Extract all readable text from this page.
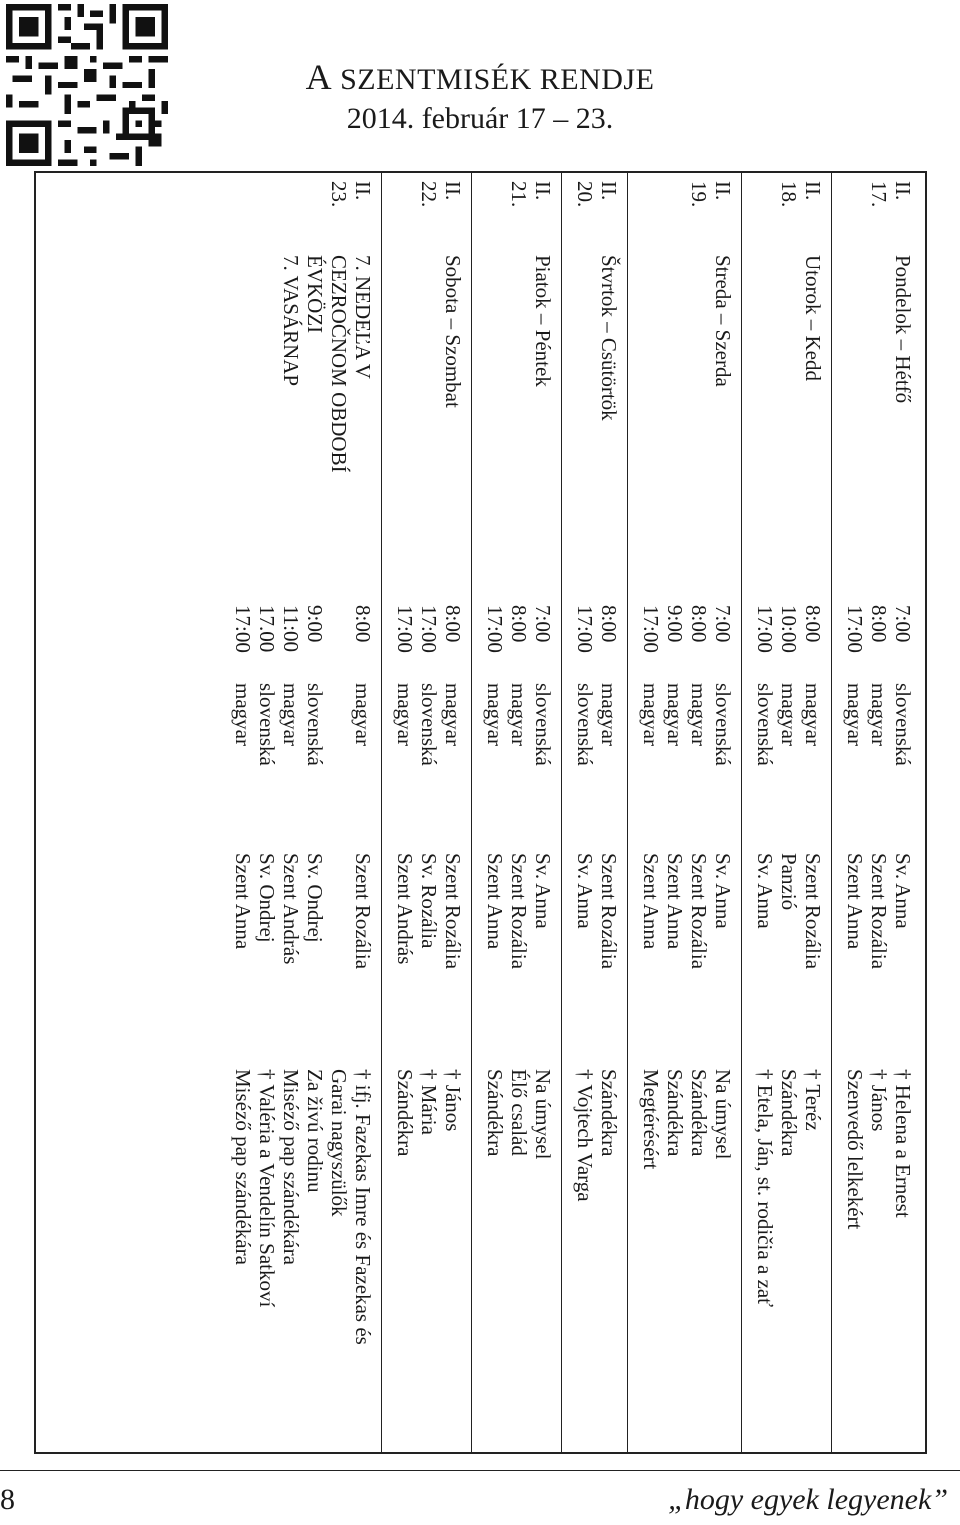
A SZENTMISÉK RENDJE
2014. február 17 – 23.
II.
17.
Pondelok – Hétfő
7:00
8:00
17:00
slovenská
magyar
magyar
Sv. Anna
Szent Rozália
Szent Anna
† Helena a Ernest
† János
Szenvedő lelkekért
II.
18.
Utorok – Kedd
8:00
10:00
17:00
magyar
magyar
slovenská
Szent Rozália
Panzió
Sv. Anna
† Teréz
Szándékra
† Etela, Ján, st. rodičia a zať
II.
19.
Streda – Szerda
7:00
8:00
9:00
17:00
slovenská
magyar
magyar
magyar
Sv. Anna
Szent Rozália
Szent Anna
Szent Anna
Na úmysel
Szándékra
Szándékra
Megtérésért
II.
20.
Štvrtok – Csütörtök
8:00
17:00
magyar
slovenská
Szent Rozália
Sv. Anna
Szándékra
† Vojtech Varga
II.
21.
Piatok – Péntek
7:00
8:00
17:00
slovenská
magyar
magyar
Sv. Anna
Szent Rozália
Szent Anna
Na úmysel
Élő család
Szándékra
II.
22.
Sobota – Szombat
8:00
17:00
17:00
magyar
slovenská
magyar
Szent Rozália
Sv. Rozália
Szent András
† János
† Mária
Szándékra
II.
23.
7. NEDEĽA V
CEZROČNOM OBDOBÍ
ÉVKÖZI
7. VASÁRNAP
8:00
9:00
11:00
17.00
17:00
magyar
slovenská
magyar
slovenská
magyar
Szent Rozália
Sv. Ondrej
Szent András
Sv. Ondrej
Szent Anna
† ifj. Fazekas Imre és Fazekas és
Garai nagyszülők
Za živú rodinu
Miséző pap szándékára
† Valéria a Vendelín Satkoví
Miséző pap szándékára
8	„hogy egyek legyenek”
